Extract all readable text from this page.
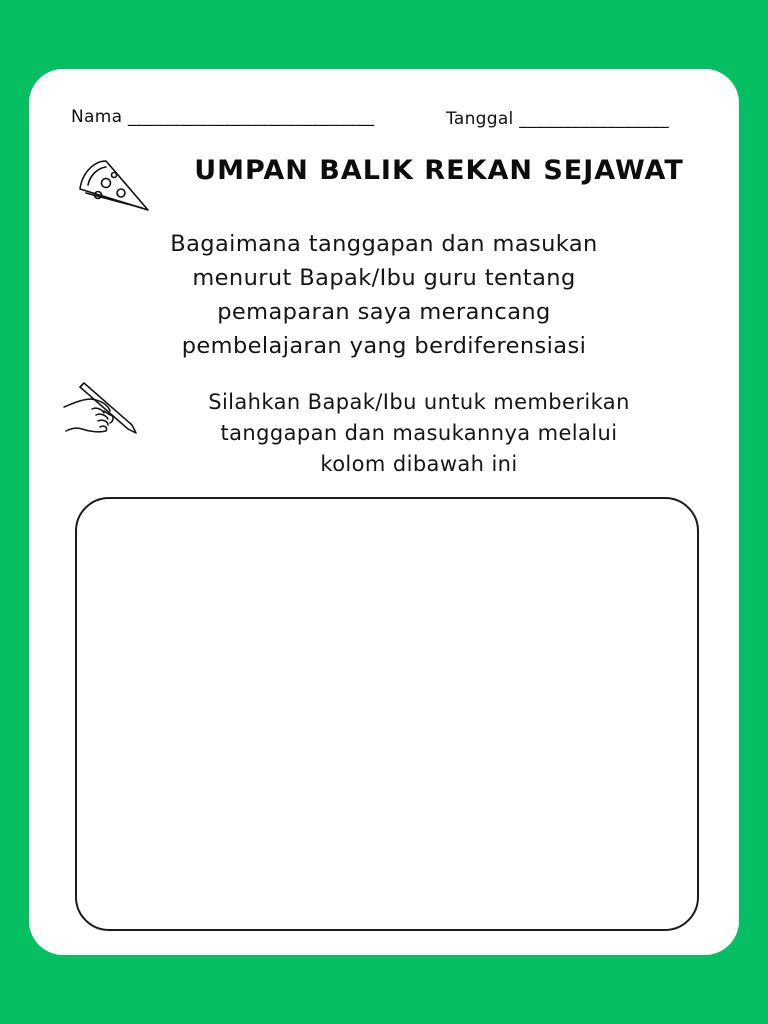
Nama ____________________________	Tanggal _________________
UMPAN BALIK REKAN SEJAWAT
Bagaimana tanggapan dan masukan
menurut Bapak/Ibu guru tentang
pemaparan saya merancang
pembelajaran yang berdiferensiasi
Silahkan Bapak/Ibu untuk memberikan
tanggapan dan masukannya melalui
kolom dibawah ini
